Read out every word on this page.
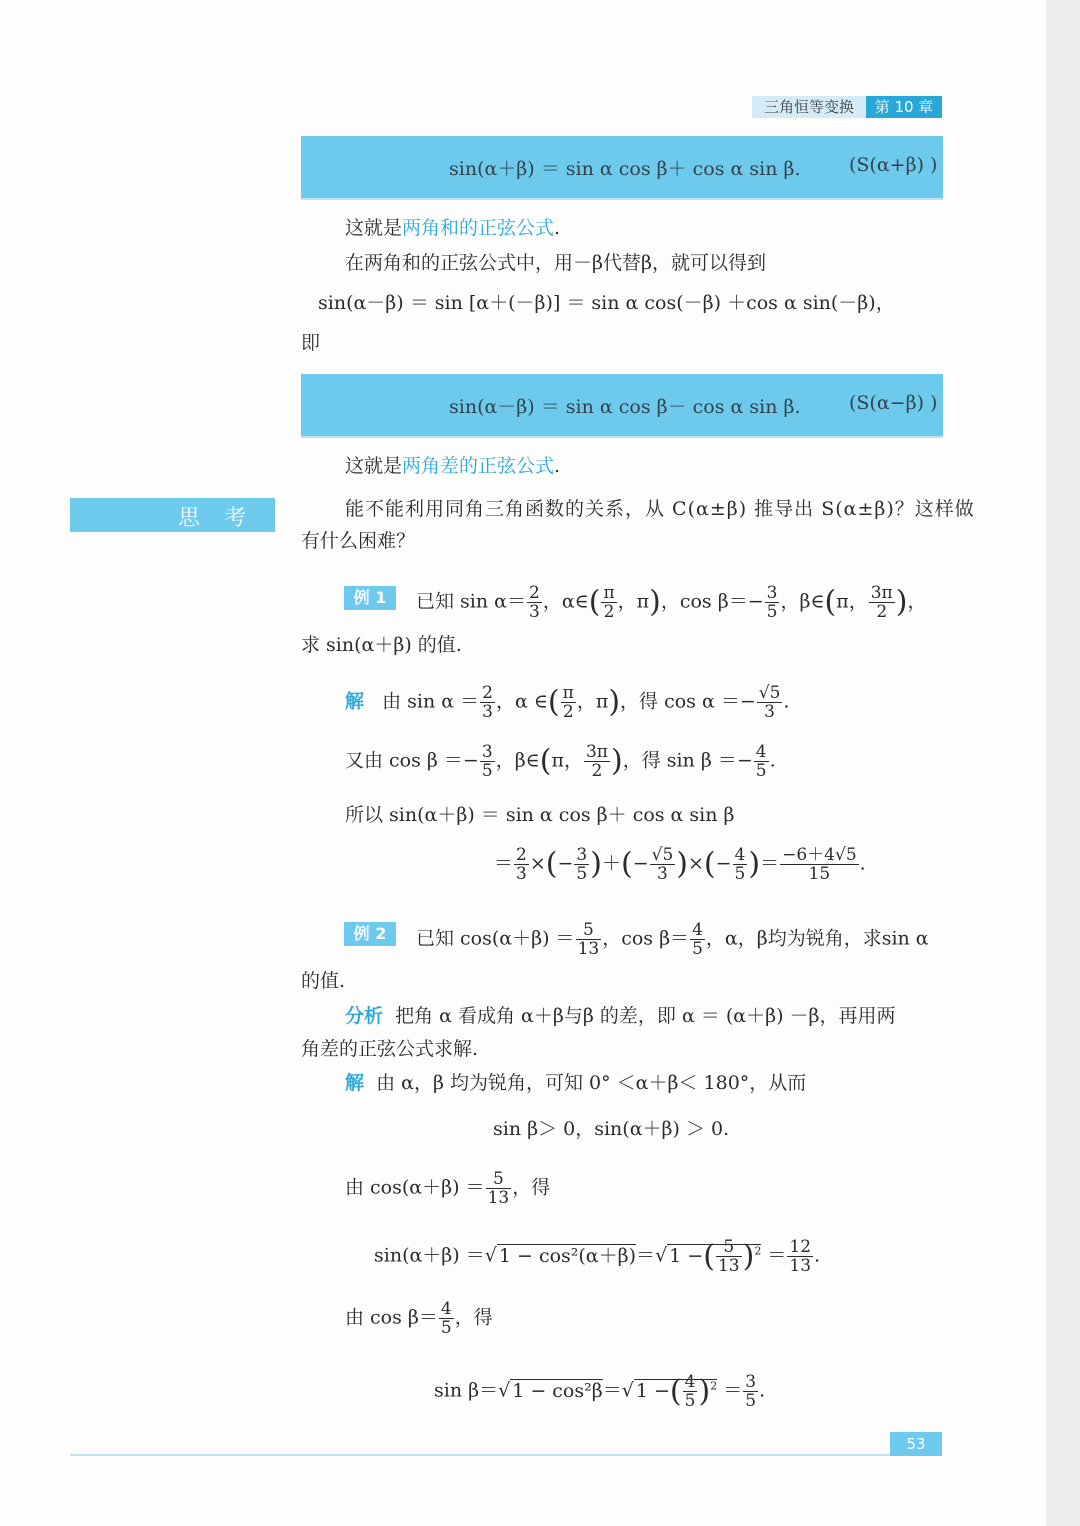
三角恒等变换	第 10 章
sin(α＋β) ＝ sin α cos β＋ cos α sin β.	(S(α+β) )
这就是两角和的正弦公式.
在两角和的正弦公式中，用－β代替β，就可以得到
sin(α－β) ＝ sin [α＋(－β)] ＝ sin α cos(－β) ＋cos α sin(－β)，
即
sin(α－β) ＝ sin α cos β－ cos α sin β.	(S(α−β) )
这就是两角差的正弦公式.
思考	能不能利用同角三角函数的关系，从 C(α±β) 推导出 S(α±β)？这样做
有什么困难？
例 1	已知 $\sin \alpha= \frac{2}{3}$ ，α∈( $\frac{\pi}{2}$ ，π)，$\cos \beta=- \frac{3}{5}$ ，β∈(π， $\frac{3\pi}{2}$ )，
求 sin(α＋β) 的值.
解 由 $\sin \alpha = \frac{2}{3}$ ，α ∈( $\frac{\pi}{2}$ ，π)，得 $\cos \alpha =- \frac{√5}{3}$ .
又由 $\cos \beta =- \frac{3}{5}$ ，β∈(π， $\frac{3\pi}{2}$ )，得 $\sin \beta =- \frac{4}{5}$ .
所以 sin(α＋β) ＝ sin α cos β＋ cos α sin β
＝ $\frac{2}{3}$ ×(− $\frac{3}{5}$ )＋(− $\frac{√5}{3}$ )×(− $\frac{4}{5}$ )＝ $\frac{-6+4√5}{15}$ .
例 2	已知 $\cos(\alpha+\beta) = \frac{5}{13}$ ，$\cos \beta= \frac{4}{5}$ ，α，β均为锐角，求sin α
的值.
分析 把角 α 看成角 α＋β与β 的差，即 α ＝ (α＋β) －β，再用两
角差的正弦公式求解.
解 由 α，β 均为锐角，可知 0° ＜α＋β＜ 180°，从而
sin β＞ 0，sin(α＋β) ＞ 0.
由 $\cos(\alpha+\beta) = \frac{5}{13}$ ，得
sin(α＋β) ＝√ 1 − cos²(α＋β)＝√ 1 −( $\frac{5}{13} )^2 = \frac{12}{13}$ .
由 $\cos \beta= \frac{4}{5}$ ，得
sin β＝√ 1 − cos²β＝√ 1 −( $\frac{4}{5} )^2 = \frac{3}{5}$ .
53
